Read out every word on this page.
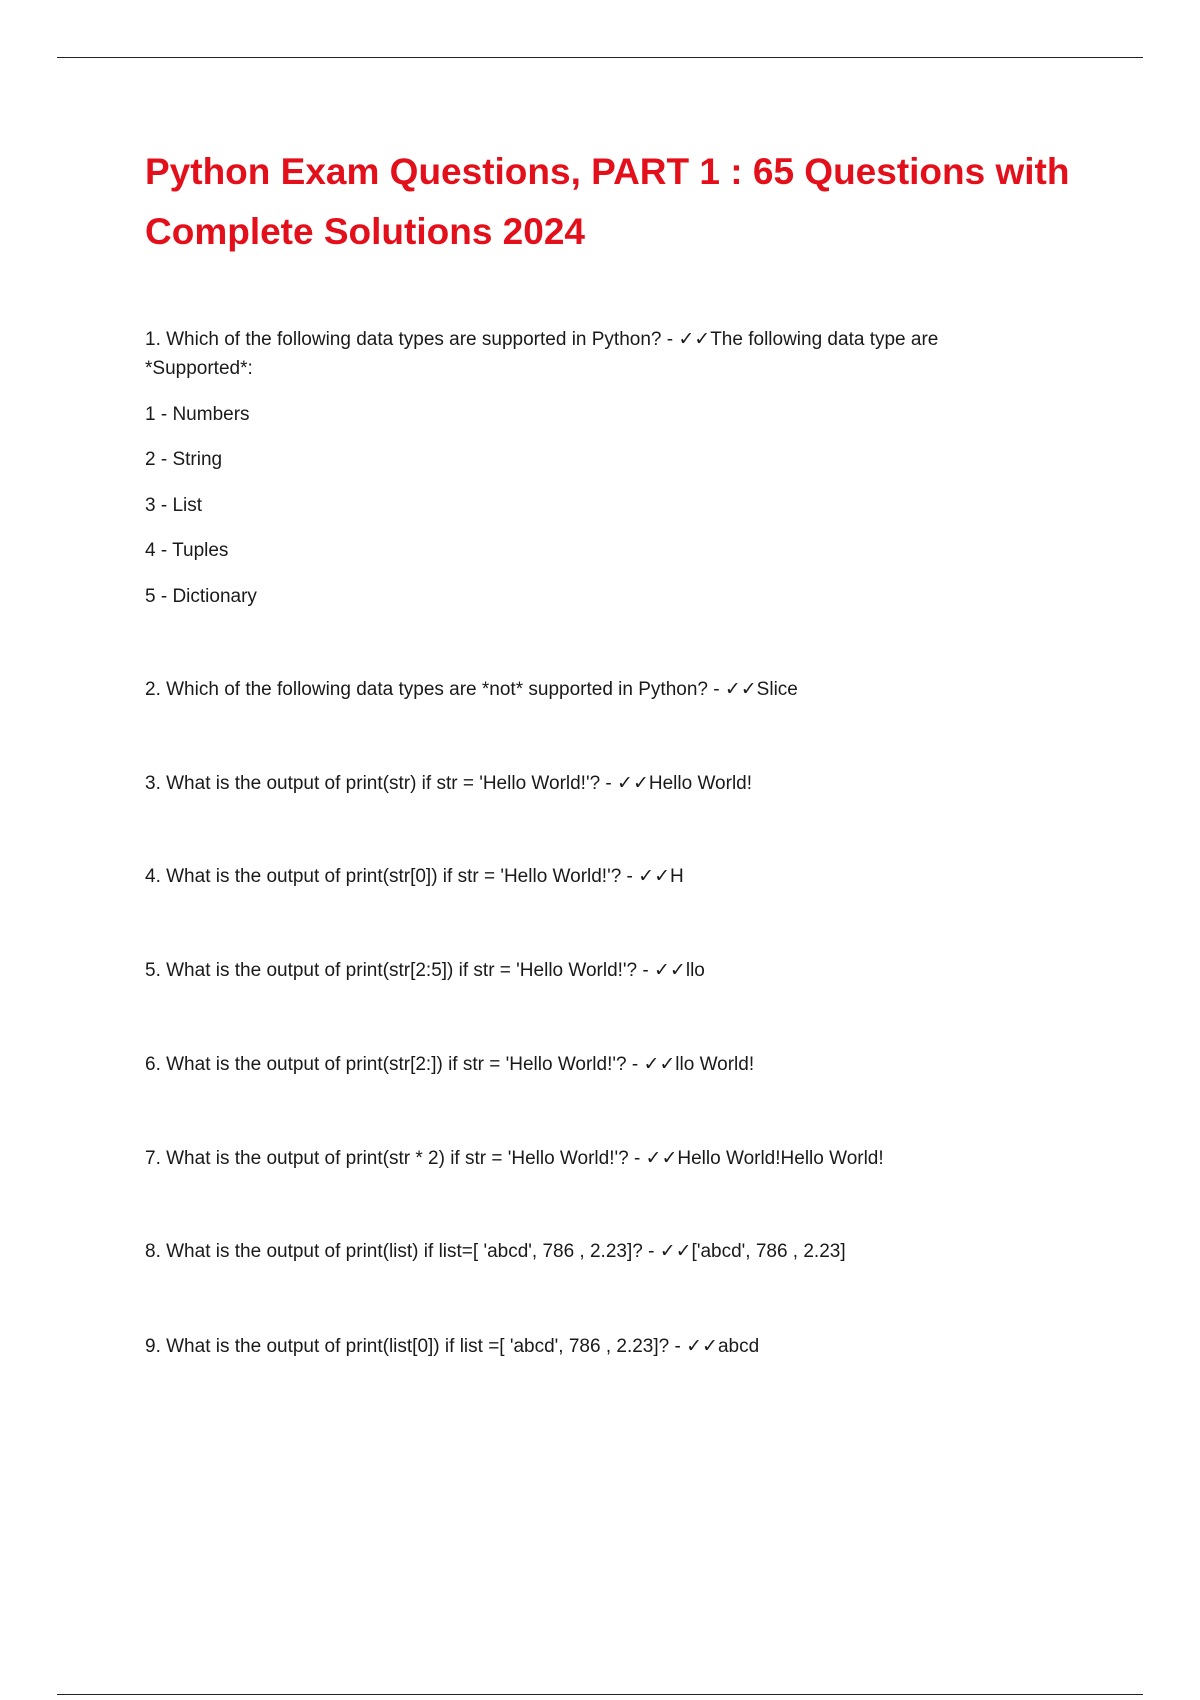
Python Exam Questions, PART 1 : 65 Questions with Complete Solutions 2024
1. Which of the following data types are supported in Python? - ✓✓The following data type are *Supported*:
1 - Numbers
2 - String
3 - List
4 - Tuples
5 - Dictionary
2. Which of the following data types are *not* supported in Python? - ✓✓Slice
3. What is the output of print(str) if str = 'Hello World!'? - ✓✓Hello World!
4. What is the output of print(str[0]) if str = 'Hello World!'? - ✓✓H
5. What is the output of print(str[2:5]) if str = 'Hello World!'? - ✓✓llo
6. What is the output of print(str[2:]) if str = 'Hello World!'? - ✓✓llo World!
7. What is the output of print(str * 2) if str = 'Hello World!'? - ✓✓Hello World!Hello World!
8. What is the output of print(list) if list=[ 'abcd', 786 , 2.23]? - ✓✓['abcd', 786 , 2.23]
9. What is the output of print(list[0]) if list =[ 'abcd', 786 , 2.23]? - ✓✓abcd
